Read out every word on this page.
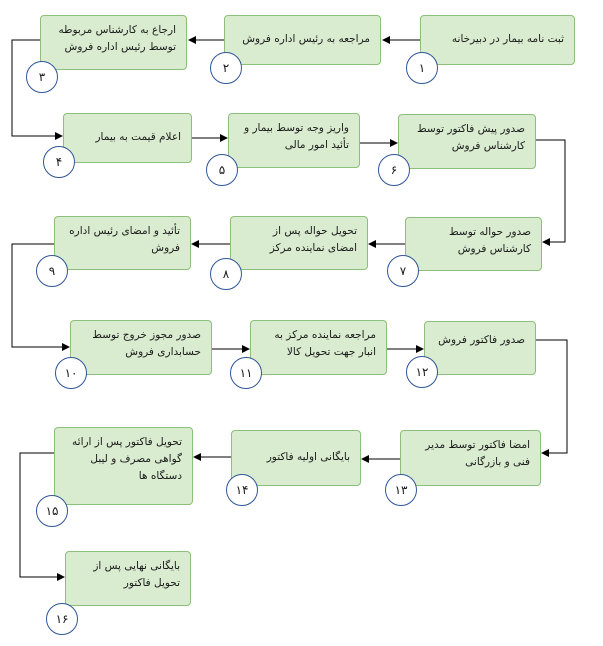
ثبت نامه بیمار در دبیرخانه
مراجعه به رئیس اداره فروش
ارجاع به کارشناس مربوطه توسط رئیس اداره فروش
اعلام قیمت به بیمار
واریز وجه توسط بیمار و تأئید امور مالی
صدور پیش فاکتور توسط کارشناس فروش
صدور حواله توسط کارشناس فروش
تحویل حواله پس از امضای نماینده مرکز
تأئید و امضای رئیس اداره فروش
صدور مجوز خروج توسط حسابداری فروش
مراجعه نماینده مرکز به انبار جهت تحویل کالا
صدور فاکتور فروش
امضا فاکتور توسط مدیر فنی و بازرگانی
بایگانی اولیه فاکتور
تحویل فاکتور پس از ارائه گواهی مصرف و لیبل دستگاه ها
بایگانی نهایی پس از تحویل فاکتور
۱
۲
۳
۴
۵	۶
۷
۸
۹
۱۰	۱۱	۱۲
۱۳
۱۴
۱۵
۱۶
